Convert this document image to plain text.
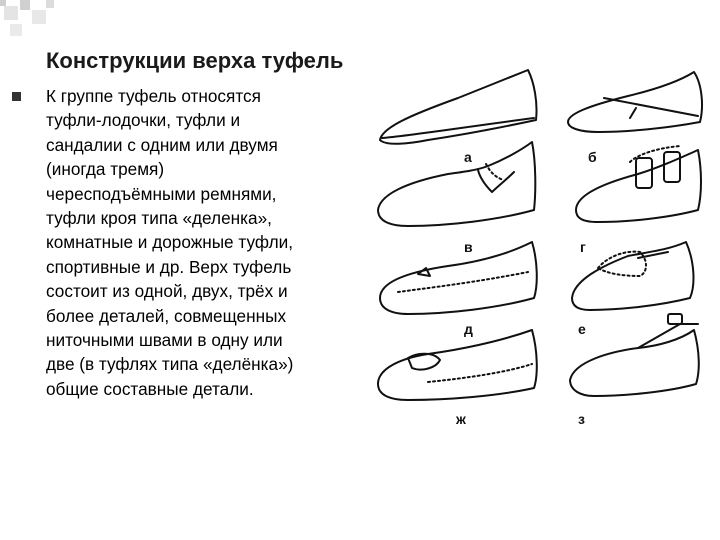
Конструкции верха туфель
К группе туфель относятся
туфли-лодочки, туфли и
сандалии с одним или двумя
(иногда тремя)
чересподъёмными ремнями,
туфли кроя типа «деленка»,
комнатные и дорожные туфли,
спортивные и др. Верх туфель
состоит из одной, двух, трёх и
более деталей, совмещенных
ниточными швами в одну или
две (в туфлях типа «делёнка»)
общие составные детали.
а	б
в	г
д	е
ж	з
